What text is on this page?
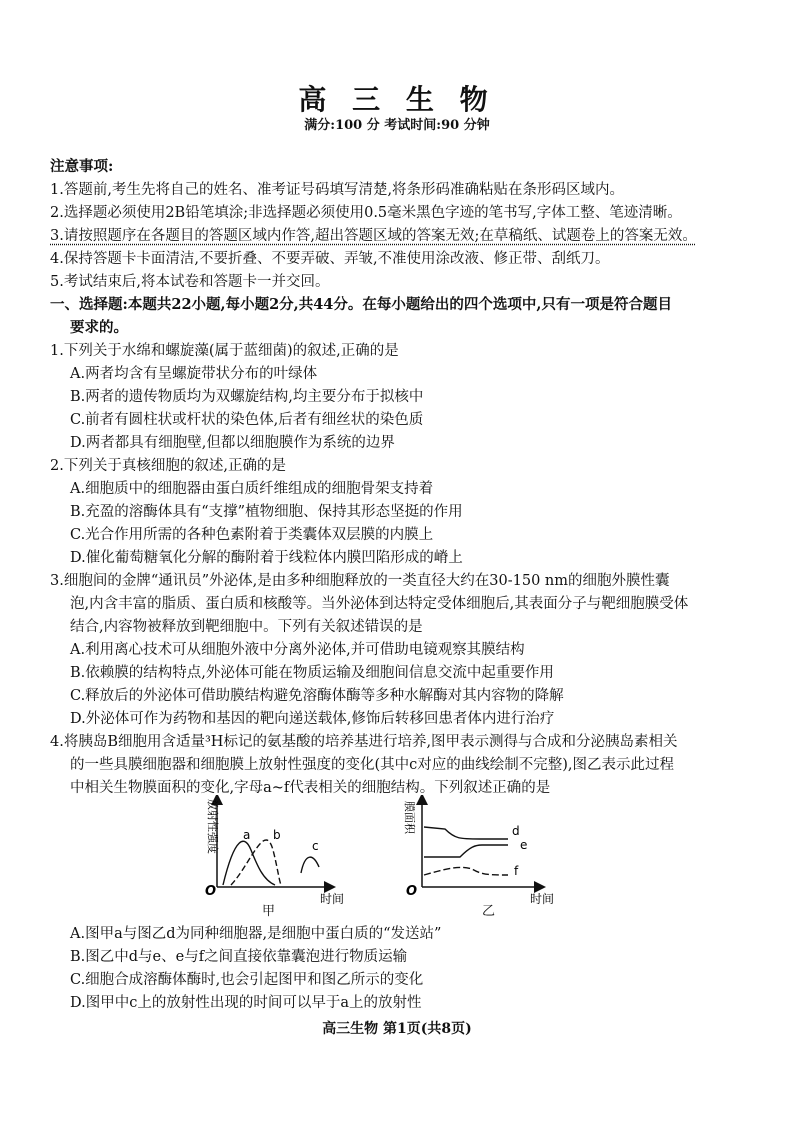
高 三 生 物
满分:100 分 考试时间:90 分钟
注意事项:
1.答题前,考生先将自己的姓名、准考证号码填写清楚,将条形码准确粘贴在条形码区域内。
2.选择题必须使用2B铅笔填涂;非选择题必须使用0.5毫米黑色字迹的笔书写,字体工整、笔迹清晰。
3.请按照题序在各题目的答题区域内作答,超出答题区域的答案无效;在草稿纸、试题卷上的答案无效。
4.保持答题卡卡面清洁,不要折叠、不要弄破、弄皱,不准使用涂改液、修正带、刮纸刀。
5.考试结束后,将本试卷和答题卡一并交回。
一、选择题:本题共22小题,每小题2分,共44分。在每小题给出的四个选项中,只有一项是符合题目
要求的。
1.下列关于水绵和螺旋藻(属于蓝细菌)的叙述,正确的是
A.两者均含有呈螺旋带状分布的叶绿体
B.两者的遗传物质均为双螺旋结构,均主要分布于拟核中
C.前者有圆柱状或杆状的染色体,后者有细丝状的染色质
D.两者都具有细胞壁,但都以细胞膜作为系统的边界
2.下列关于真核细胞的叙述,正确的是
A.细胞质中的细胞器由蛋白质纤维组成的细胞骨架支持着
B.充盈的溶酶体具有“支撑”植物细胞、保持其形态坚挺的作用
C.光合作用所需的各种色素附着于类囊体双层膜的内膜上
D.催化葡萄糖氧化分解的酶附着于线粒体内膜凹陷形成的嵴上
3.细胞间的金牌“通讯员”外泌体,是由多种细胞释放的一类直径大约在30-150 nm的细胞外膜性囊
泡,内含丰富的脂质、蛋白质和核酸等。当外泌体到达特定受体细胞后,其表面分子与靶细胞膜受体
结合,内容物被释放到靶细胞中。下列有关叙述错误的是
A.利用离心技术可从细胞外液中分离外泌体,并可借助电镜观察其膜结构
B.依赖膜的结构特点,外泌体可能在物质运输及细胞间信息交流中起重要作用
C.释放后的外泌体可借助膜结构避免溶酶体酶等多种水解酶对其内容物的降解
D.外泌体可作为药物和基因的靶向递送载体,修饰后转移回患者体内进行治疗
4.将胰岛B细胞用含适量³H标记的氨基酸的培养基进行培养,图甲表示测得与合成和分泌胰岛素相关
的一些具膜细胞器和细胞膜上放射性强度的变化(其中c对应的曲线绘制不完整),图乙表示此过程
中相关生物膜面积的变化,字母a~f代表相关的细胞结构。下列叙述正确的是
放射性强度
O	时间
a b
c
甲
膜面积
O	时间
d
e
f
乙
A.图甲a与图乙d为同种细胞器,是细胞中蛋白质的“发送站”
B.图乙中d与e、e与f之间直接依靠囊泡进行物质运输
C.细胞合成溶酶体酶时,也会引起图甲和图乙所示的变化
D.图甲中c上的放射性出现的时间可以早于a上的放射性
高三生物 第1页(共8页)
